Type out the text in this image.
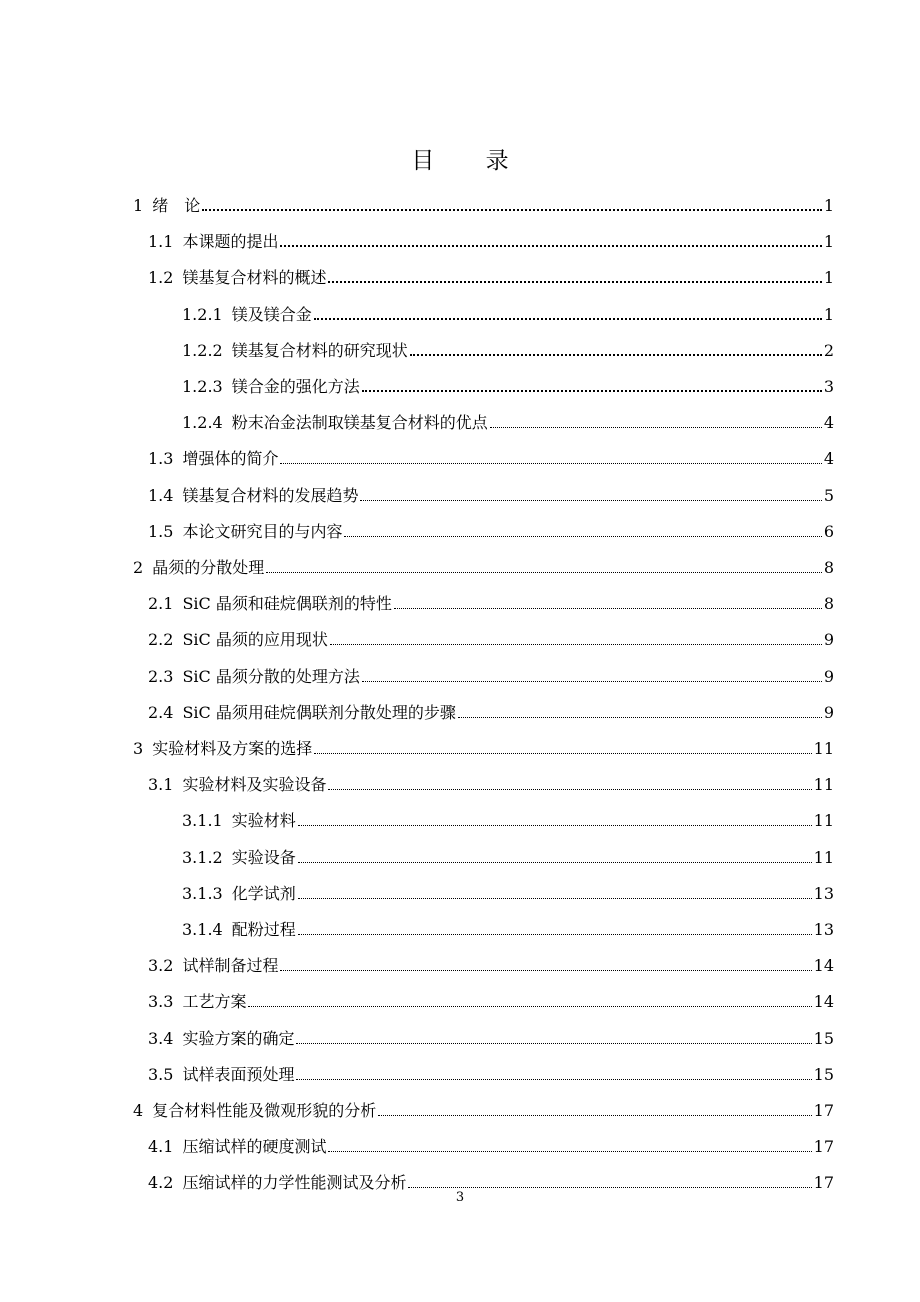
目 录
1 绪　论	1
1.1 本课题的提出	1
1.2 镁基复合材料的概述	1
1.2.1 镁及镁合金	1
1.2.2 镁基复合材料的研究现状	2
1.2.3 镁合金的强化方法	3
1.2.4 粉末冶金法制取镁基复合材料的优点	4
1.3 增强体的简介	4
1.4 镁基复合材料的发展趋势	5
1.5 本论文研究目的与内容	6
2 晶须的分散处理	8
2.1 SiC 晶须和硅烷偶联剂的特性	8
2.2 SiC 晶须的应用现状	9
2.3 SiC 晶须分散的处理方法	9
2.4 SiC 晶须用硅烷偶联剂分散处理的步骤	9
3 实验材料及方案的选择	11
3.1 实验材料及实验设备	11
3.1.1 实验材料	11
3.1.2 实验设备	11
3.1.3 化学试剂	13
3.1.4 配粉过程	13
3.2 试样制备过程	14
3.3 工艺方案	14
3.4 实验方案的确定	15
3.5 试样表面预处理	15
4 复合材料性能及微观形貌的分析	17
4.1 压缩试样的硬度测试	17
4.2 压缩试样的力学性能测试及分析	17
3
